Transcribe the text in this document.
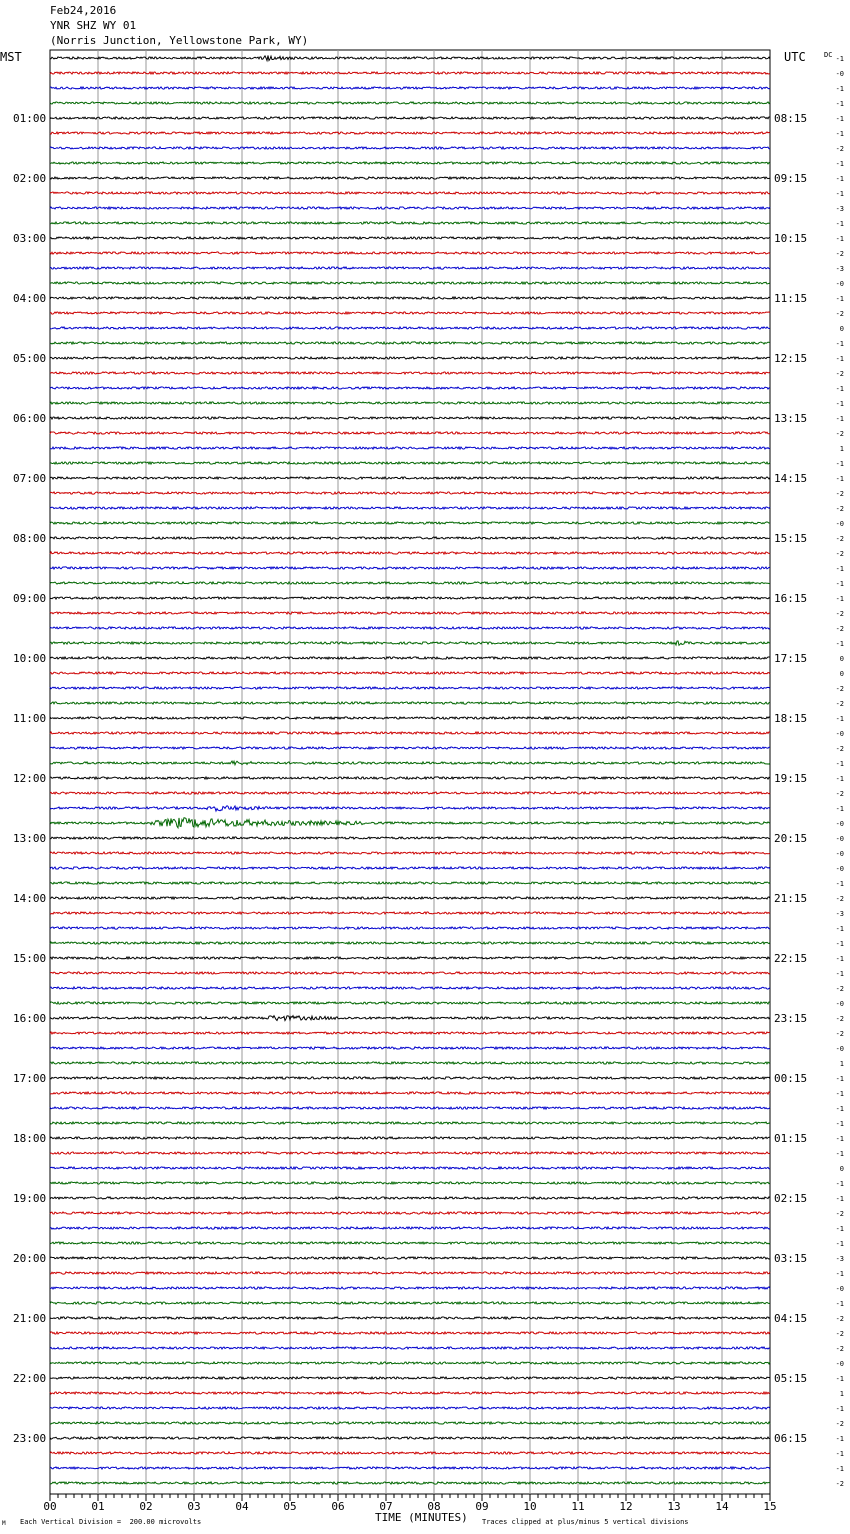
Feb24,2016
YNR SHZ WY 01
(Norris Junction, Yellowstone Park, WY)
MST	UTC	DC
01:00
02:00
03:00
04:00
05:00
06:00
07:00
08:00
09:00
10:00
11:00
12:00
13:00
14:00
15:00
16:00
17:00
18:00
19:00
20:00
21:00
22:00
23:00
08:15
09:15
10:15
11:15
12:15
13:15
14:15
15:15
16:15
17:15
18:15
19:15
20:15
21:15
22:15
23:15
00:15
01:15
02:15
03:15
04:15
05:15
06:15
-1
-0
-1
-1
-1
-1
-2
-1
-1
-1
-3
-1
-1
-2
-3
-0
-1
-2
0
-1
-1
-2
-1
-1
-1
-2
1
-1
-1
-2
-2
-0
-2
-2
-1
-1
-1
-2
-2
-1
0
0
-2
-2
-1
-0
-2
-1
-1
-2
-1
-0
-0
-0
-0
-1
-2
-3
-1
-1
-1
-1
-2
-0
-2
-2
-0
1
-1
-1
-1
-1
-1
-1
0
-1
-1
-2
-1
-1
-3
-1
-0
-1
-2
-2
-2
-0
-1
1
-1
-2
-1
-1
-1
-2
00	01	02	03	04	05	06	07	08	09	10	11	12	13	14	15
TIME (MINUTES)
Each Vertical Division =  200.00 microvolts	Traces clipped at plus/minus 5 vertical divisions
M
